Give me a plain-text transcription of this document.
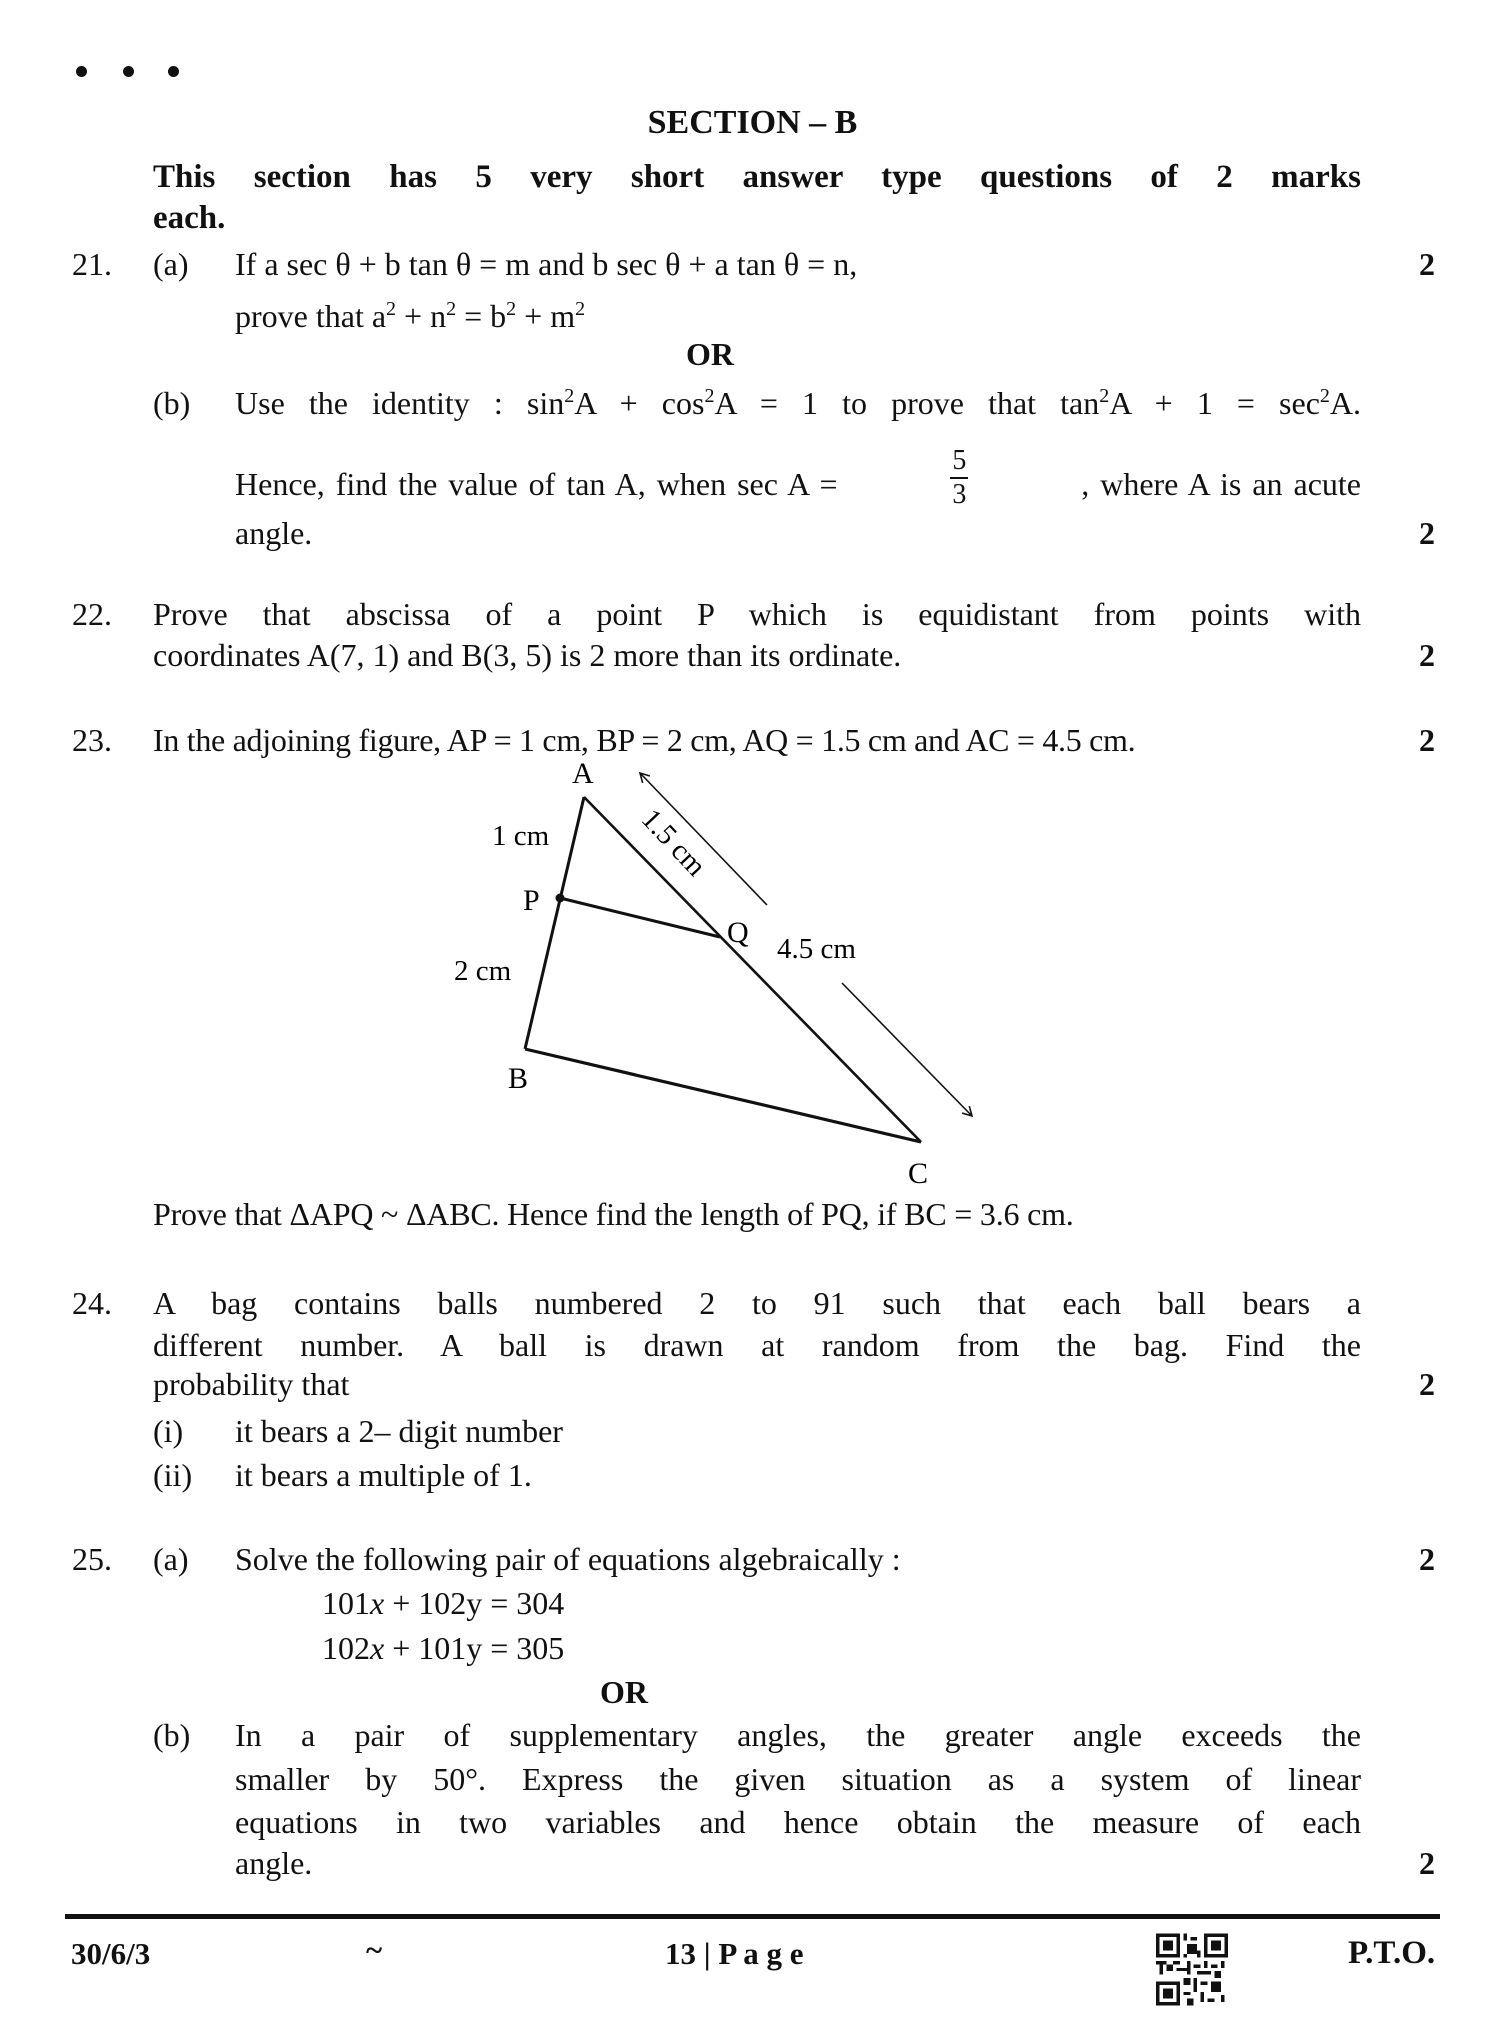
SECTION – B
This section has 5 very short answer type questions of 2 marks
each.
21. (a) If a sec θ + b tan θ = m and b sec θ + a tan θ = n,
prove that $a^2 + n^2 = b^2 + m^2$
2
OR
(b) Use the identity : $\sin^2A + \cos^2A = 1$ to prove that $\tan^2A + 1 = \sec^2A$.
Hence, find the value of tan A, when sec A =	$\frac{5}{3}$	, where A is an acute
angle.	2
22. Prove that abscissa of a point P which is equidistant from points with
coordinates A(7, 1) and B(3, 5) is 2 more than its ordinate.	2
23. In the adjoining figure, AP = 1 cm, BP = 2 cm, AQ = 1.5 cm and AC = 4.5 cm.	2
A
P
Q
B
C
1 cm
2 cm
4.5 cm
1.5 cm
Prove that ΔAPQ ~ ΔABC. Hence find the length of PQ, if BC = 3.6 cm.
24. A bag contains balls numbered 2 to 91 such that each ball bears a
different number. A ball is drawn at random from the bag. Find the
probability that	2
(i) it bears a 2– digit number
(ii) it bears a multiple of 1.
25. (a) Solve the following pair of equations algebraically :	2
101x + 102y = 304
102x + 101y = 305
OR
(b) In a pair of supplementary angles, the greater angle exceeds the
smaller by 50°. Express the given situation as a system of linear
equations in two variables and hence obtain the measure of each
angle.	2
30/6/3	~	13 | P a g e	P.T.O.
